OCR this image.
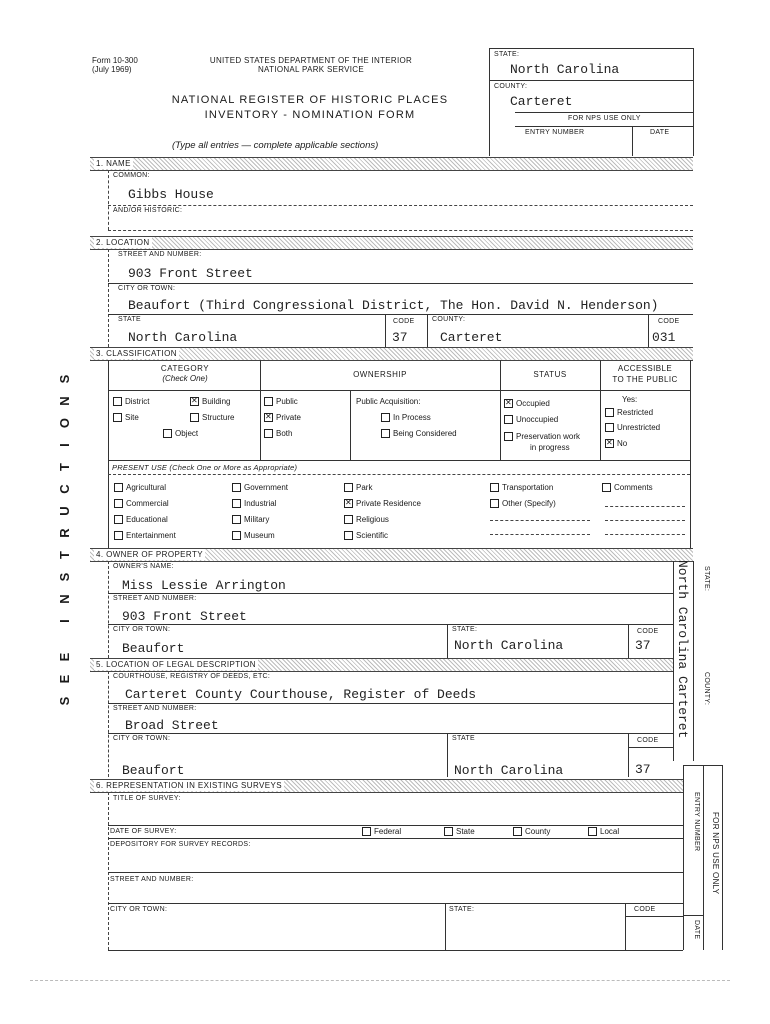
Form 10-300
(July 1969)
UNITED STATES DEPARTMENT OF THE INTERIOR
NATIONAL PARK SERVICE
NATIONAL REGISTER OF HISTORIC PLACES
INVENTORY - NOMINATION FORM
(Type all entries — complete applicable sections)
STATE:
North Carolina
COUNTY:
Carteret
FOR NPS USE ONLY
ENTRY NUMBER	DATE
S
N
O
I
T
C
U
R
T
S
N
I
E
E
S
1. NAME
COMMON:
Gibbs House
AND/OR HISTORIC:
2. LOCATION
STREET AND NUMBER:
903 Front Street
CITY OR TOWN:
Beaufort (Third Congressional District, The Hon. David N. Henderson)
STATE
North Carolina
CODE
37
COUNTY:
Carteret
CODE
031
3. CLASSIFICATION
CATEGORY
(Check One)	OWNERSHIP	STATUS
ACCESSIBLE
TO THE PUBLIC
District
✕	Building
Site	Structure
Object
Public
✕Private
Both
Public Acquisition:
In Process
Being Considered
✕Occupied
Unoccupied
Preservation work
in progress
Yes:
Restricted
Unrestricted
✕No
PRESENT USE (Check One or More as Appropriate)
Agricultural
Commercial
Educational
Entertainment
Government
Industrial
Military
Museum
Park
✕Private Residence
Religious
Scientific
Transportation
Other (Specify)
Comments
4. OWNER OF PROPERTY
OWNER'S NAME:
Miss Lessie Arrington
STREET AND NUMBER:
903 Front Street
CITY OR TOWN:
Beaufort
STATE:
North Carolina
CODE
37
STATE:
North Carolina
5. LOCATION OF LEGAL DESCRIPTION
COURTHOUSE, REGISTRY OF DEEDS, ETC:
Carteret County Courthouse, Register of Deeds
STREET AND NUMBER:
Broad Street
CITY OR TOWN:
Beaufort
STATE
North Carolina
CODE
37
COUNTY:
Carteret
6. REPRESENTATION IN EXISTING SURVEYS
TITLE OF SURVEY:
DATE OF SURVEY:	Federal	State	County	Local
DEPOSITORY FOR SURVEY RECORDS:
STREET AND NUMBER:
CITY OR TOWN:	STATE:	CODE
FOR NPS USE ONLY
ENTRY NUMBER
DATE
